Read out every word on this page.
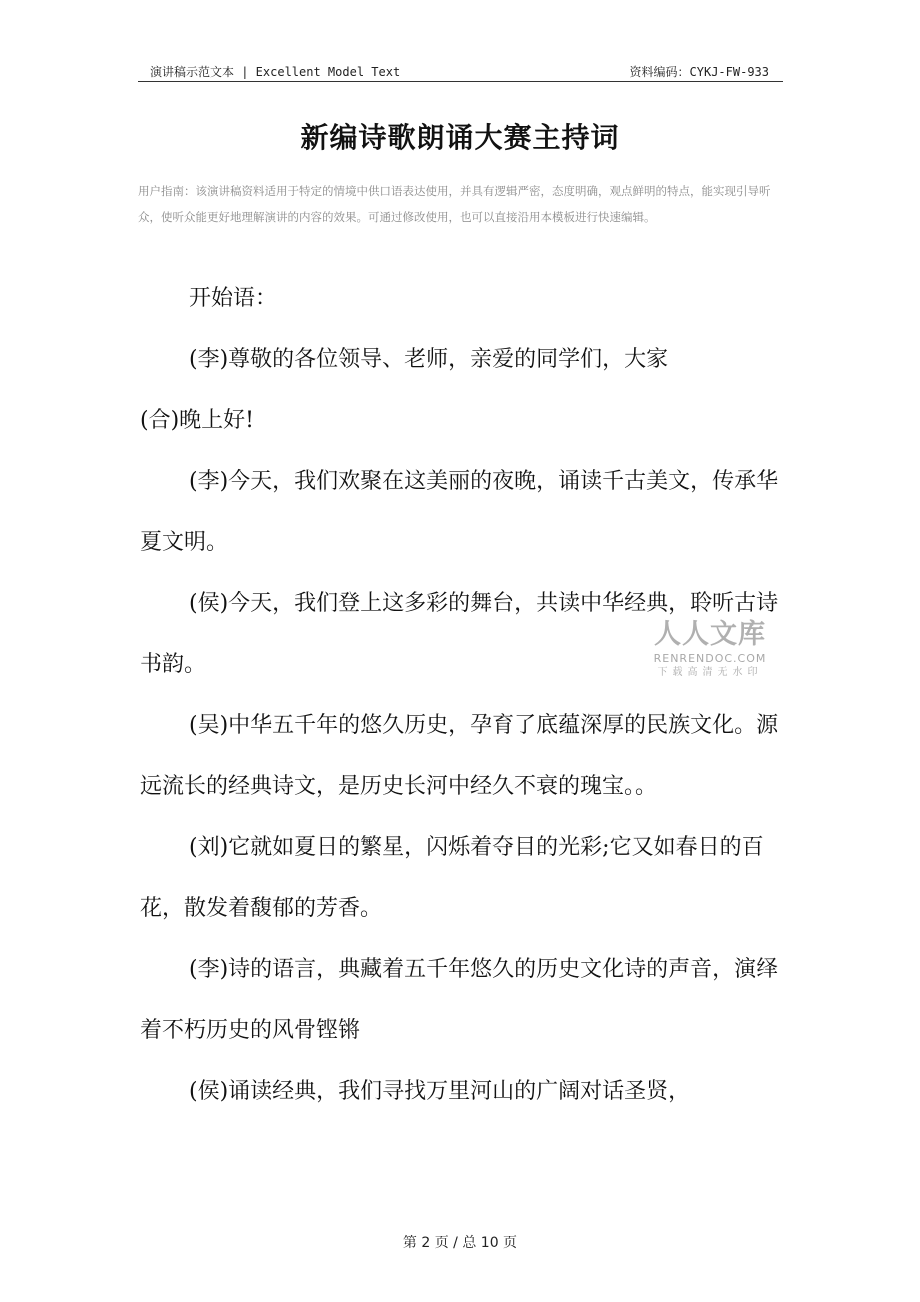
演讲稿示范文本 | Excellent Model Text	资料编码：CYKJ-FW-933
新编诗歌朗诵大赛主持词

用户指南：该演讲稿资料适用于特定的情境中供口语表达使用，并具有逻辑严密，态度明确，观点鲜明的特点，能实现引导听众，使听众能更好地理解演讲的内容的效果。可通过修改使用，也可以直接沿用本模板进行快速编辑。

开始语：

(李)尊敬的各位领导、老师，亲爱的同学们，大家

(合)晚上好!

(李)今天，我们欢聚在这美丽的夜晚，诵读千古美文，传承华夏文明。

(侯)今天，我们登上这多彩的舞台，共读中华经典，聆听古诗书韵。

(吴)中华五千年的悠久历史，孕育了底蕴深厚的民族文化。源远流长的经典诗文，是历史长河中经久不衰的瑰宝。。

(刘)它就如夏日的繁星，闪烁着夺目的光彩;它又如春日的百花，散发着馥郁的芳香。

(李)诗的语言，典藏着五千年悠久的历史文化诗的声音，演绎着不朽历史的风骨铿锵

(侯)诵读经典，我们寻找万里河山的广阔对话圣贤，

人人文库
RENRENDOC.COM
下载高清无水印
第 2 页 / 总 10 页
